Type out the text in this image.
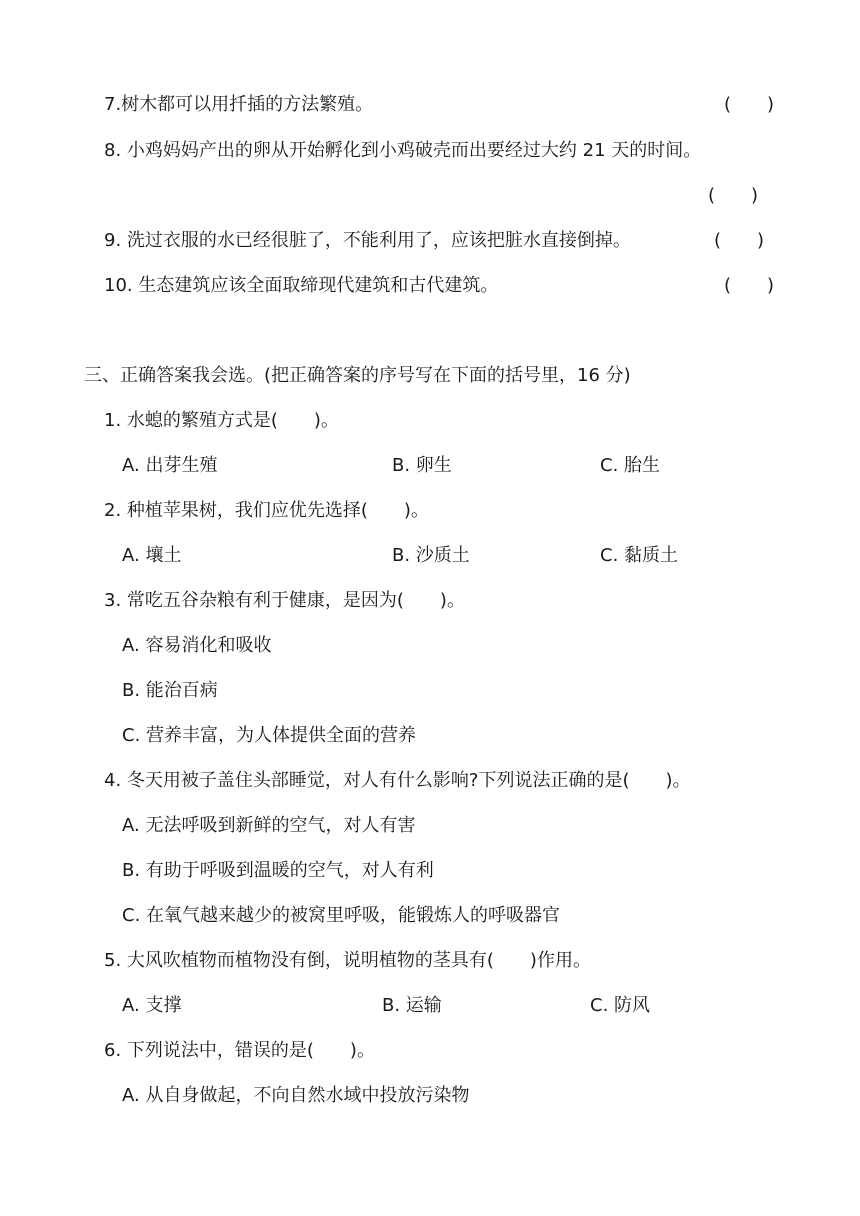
7.树木都可以用扦插的方法繁殖。	(　　)
8. 小鸡妈妈产出的卵从开始孵化到小鸡破壳而出要经过大约 21 天的时间。
(　　)
9. 洗过衣服的水已经很脏了，不能利用了，应该把脏水直接倒掉。	(　　)
10. 生态建筑应该全面取缔现代建筑和古代建筑。	(　　)
三、正确答案我会选。(把正确答案的序号写在下面的括号里，16 分)
1. 水螅的繁殖方式是(　　)。
A. 出芽生殖	B. 卵生	C. 胎生
2. 种植苹果树，我们应优先选择(　　)。
A. 壤土	B. 沙质土	C. 黏质土
3. 常吃五谷杂粮有利于健康，是因为(　　)。
A. 容易消化和吸收
B. 能治百病
C. 营养丰富，为人体提供全面的营养
4. 冬天用被子盖住头部睡觉，对人有什么影响?下列说法正确的是(　　)。
A. 无法呼吸到新鲜的空气，对人有害
B. 有助于呼吸到温暖的空气，对人有利
C. 在氧气越来越少的被窝里呼吸，能锻炼人的呼吸器官
5. 大风吹植物而植物没有倒，说明植物的茎具有(　　)作用。
A. 支撑	B. 运输	C. 防风
6. 下列说法中，错误的是(　　)。
A. 从自身做起，不向自然水域中投放污染物
